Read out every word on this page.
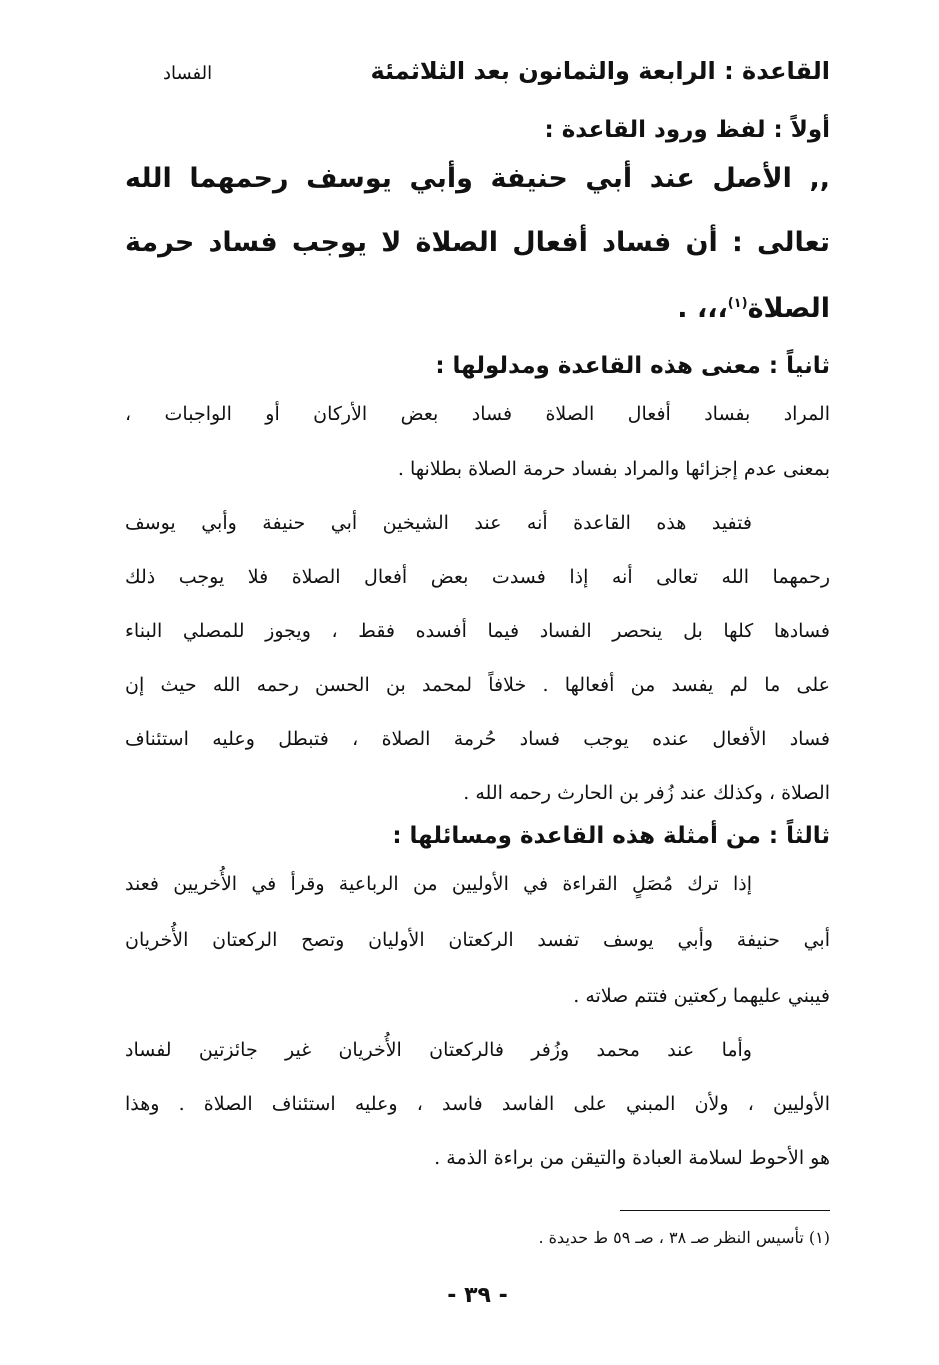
القاعدة : الرابعة والثمانون بعد الثلاثمئة
الفساد
أولاً : لفظ ورود القاعدة :
,, الأصل عند أبي حنيفة وأبي يوسف رحمهما الله
تعالى : أن فساد أفعال الصلاة لا يوجب فساد حرمة
الصلاة$^{(١)}$،،، .
ثانياً : معنى هذه القاعدة ومدلولها :
المراد بفساد أفعال الصلاة فساد بعض الأركان أو الواجبات ،
بمعنى عدم إجزائها والمراد بفساد حرمة الصلاة بطلانها .
فتفيد هذه القاعدة أنه عند الشيخين أبي حنيفة وأبي يوسف
رحمهما الله تعالى أنه إذا فسدت بعض أفعال الصلاة فلا يوجب ذلك
فسادها كلها بل ينحصر الفساد فيما أفسده فقط ، ويجوز للمصلي البناء
على ما لم يفسد من أفعالها . خلافاً لمحمد بن الحسن رحمه الله حيث إن
فساد الأفعال عنده يوجب فساد حُرمة الصلاة ، فتبطل وعليه استئناف
الصلاة ، وكذلك عند زُفر بن الحارث رحمه الله .
ثالثاً : من أمثلة هذه القاعدة ومسائلها :
إذا ترك مُصَلٍ القراءة في الأوليين من الرباعية وقرأ في الأُخريين فعند
أبي حنيفة وأبي يوسف تفسد الركعتان الأوليان وتصح الركعتان الأُخريان
فيبني عليهما ركعتين فتتم صلاته .
وأما عند محمد وزُفر فالركعتان الأُخريان غير جائزتين لفساد
الأوليين ، ولأن المبني على الفاسد فاسد ، وعليه استئناف الصلاة . وهذا
هو الأحوط لسلامة العبادة والتيقن من براءة الذمة .
(١) تأسيس النظر صـ ٣٨ ، صـ ٥٩ ط حديدة .
- ٣٩ -
